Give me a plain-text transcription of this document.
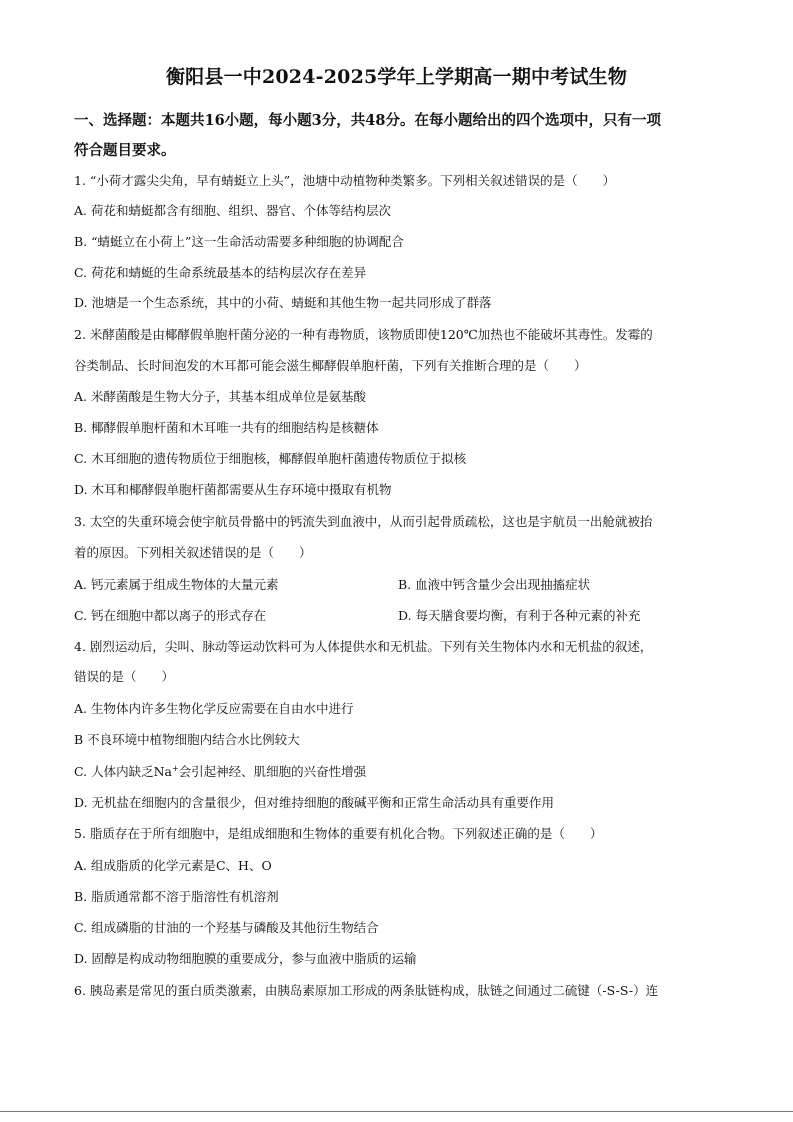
衡阳县一中2024-2025学年上学期高一期中考试生物
一、选择题：本题共16小题，每小题3分，共48分。在每小题给出的四个选项中，只有一项
符合题目要求。
1. “小荷才露尖尖角，早有蜻蜓立上头”，池塘中动植物种类繁多。下列相关叙述错误的是（　　）
A. 荷花和蜻蜓都含有细胞、组织、器官、个体等结构层次
B. “蜻蜓立在小荷上”这一生命活动需要多种细胞的协调配合
C. 荷花和蜻蜓的生命系统最基本的结构层次存在差异
D. 池塘是一个生态系统，其中的小荷、蜻蜓和其他生物一起共同形成了群落
2. 米酵菌酸是由椰酵假单胞杆菌分泌的一种有毒物质，该物质即使120℃加热也不能破坏其毒性。发霉的
谷类制品、长时间泡发的木耳都可能会滋生椰酵假单胞杆菌，下列有关推断合理的是（　　）
A. 米酵菌酸是生物大分子，其基本组成单位是氨基酸
B. 椰酵假单胞杆菌和木耳唯一共有的细胞结构是核糖体
C. 木耳细胞的遗传物质位于细胞核，椰酵假单胞杆菌遗传物质位于拟核
D. 木耳和椰酵假单胞杆菌都需要从生存环境中摄取有机物
3. 太空的失重环境会使宇航员骨骼中的钙流失到血液中，从而引起骨质疏松，这也是宇航员一出舱就被抬
着的原因。下列相关叙述错误的是（　　）
A. 钙元素属于组成生物体的大量元素	B. 血液中钙含量少会出现抽搐症状
C. 钙在细胞中都以离子的形式存在	D. 每天膳食要均衡，有利于各种元素的补充
4. 剧烈运动后，尖叫、脉动等运动饮料可为人体提供水和无机盐。下列有关生物体内水和无机盐的叙述，
错误的是（　　）
A. 生物体内许多生物化学反应需要在自由水中进行
B 不良环境中植物细胞内结合水比例较大
C. 人体内缺乏Na+会引起神经、肌细胞的兴奋性增强
D. 无机盐在细胞内的含量很少，但对维持细胞的酸碱平衡和正常生命活动具有重要作用
5. 脂质存在于所有细胞中，是组成细胞和生物体的重要有机化合物。下列叙述正确的是（　　）
A. 组成脂质的化学元素是C、H、O
B. 脂质通常都不溶于脂溶性有机溶剂
C. 组成磷脂的甘油的一个羟基与磷酸及其他衍生物结合
D. 固醇是构成动物细胞膜的重要成分，参与血液中脂质的运输
6. 胰岛素是常见的蛋白质类激素，由胰岛素原加工形成的两条肽链构成，肽链之间通过二硫键（-S-S-）连
